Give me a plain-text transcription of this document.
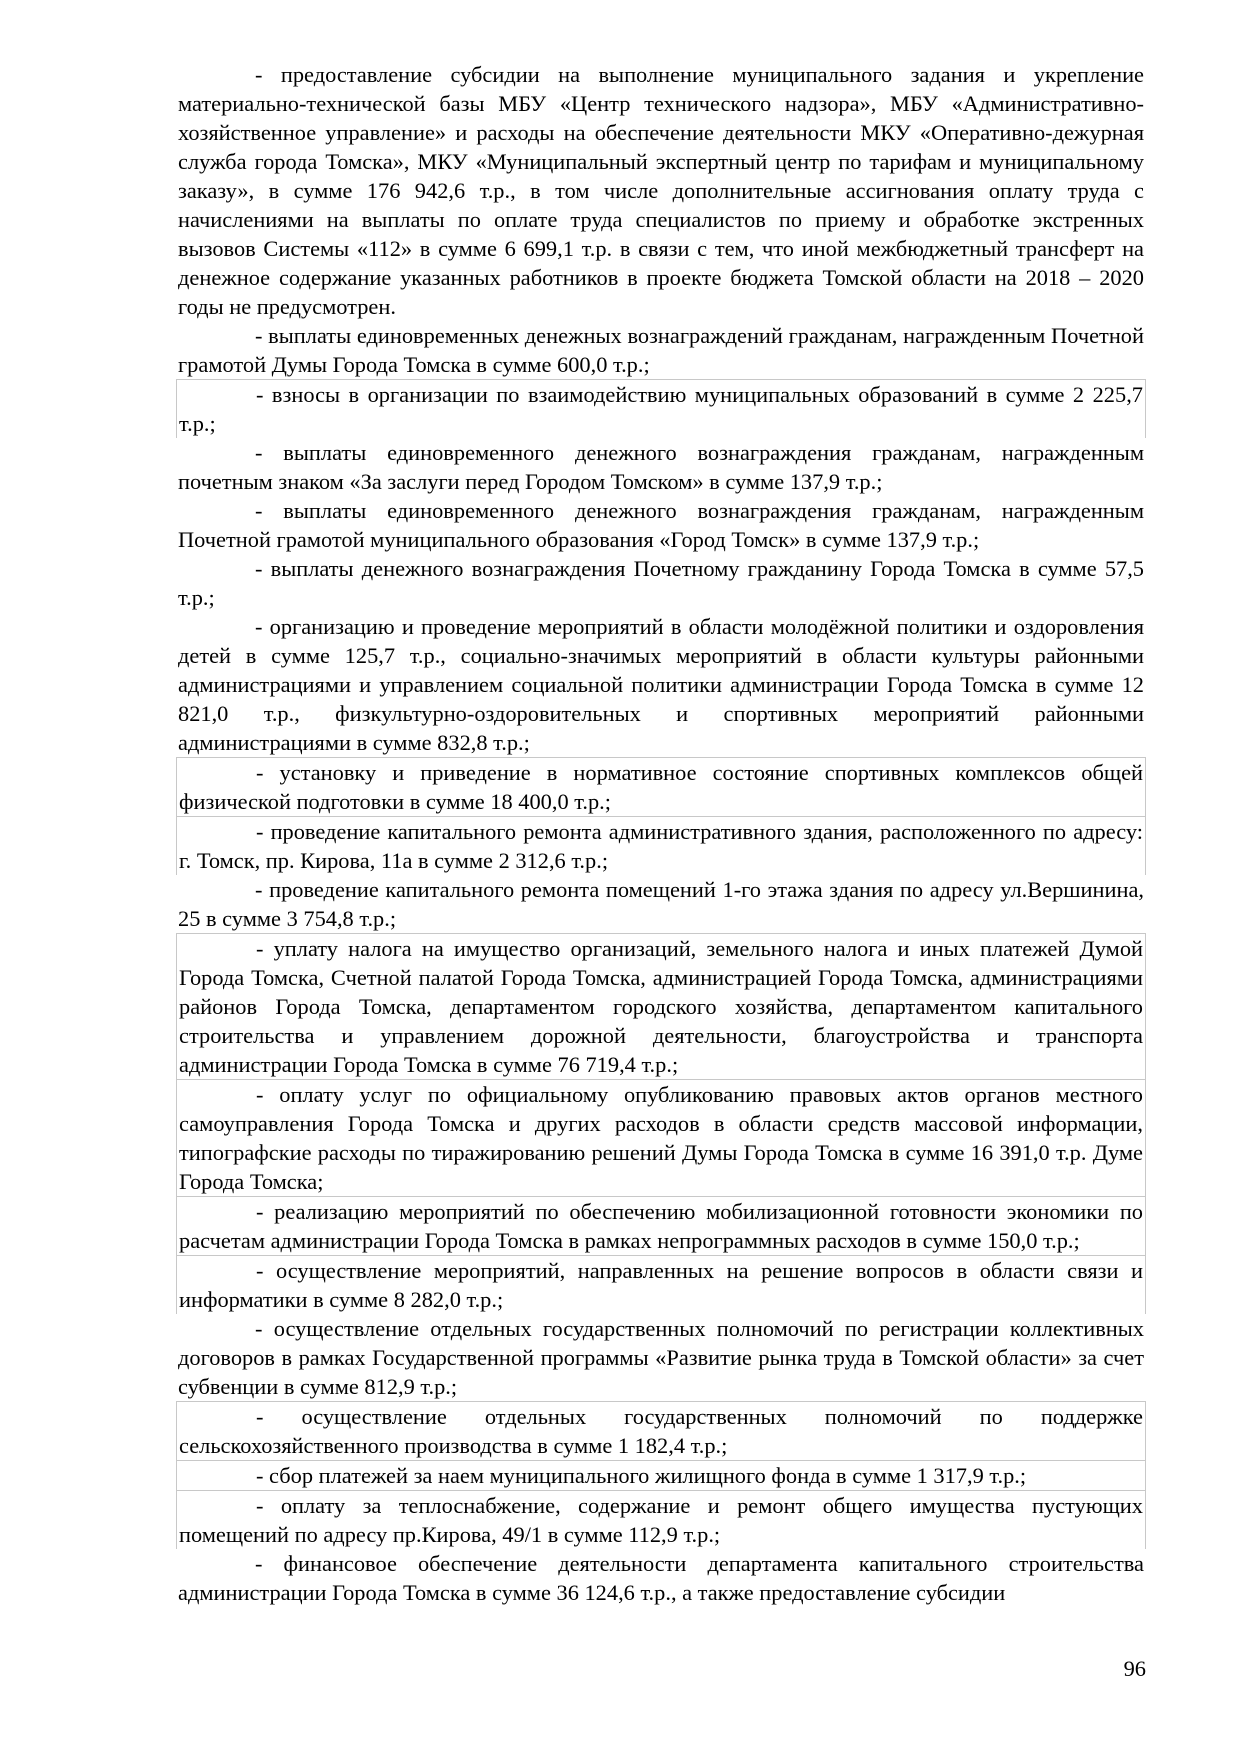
- предоставление субсидии на выполнение муниципального задания и укрепление материально-технической базы МБУ «Центр технического надзора», МБУ «Административно-хозяйственное управление» и расходы на обеспечение деятельности МКУ «Оперативно-дежурная служба города Томска», МКУ «Муниципальный экспертный центр по тарифам и муниципальному заказу», в сумме 176 942,6 т.р., в том числе дополнительные ассигнования оплату труда с начислениями на выплаты по оплате труда специалистов по приему и обработке экстренных вызовов Системы «112» в сумме 6 699,1 т.р. в связи с тем, что иной межбюджетный трансферт на денежное содержание указанных работников в проекте бюджета Томской области на 2018 – 2020 годы не предусмотрен.

- выплаты единовременных денежных вознаграждений гражданам, награжденным Почетной грамотой Думы Города Томска в сумме 600,0 т.р.;

- взносы в организации по взаимодействию муниципальных образований в сумме 2 225,7 т.р.;

- выплаты единовременного денежного вознаграждения гражданам, награжденным почетным знаком «За заслуги перед Городом Томском» в сумме 137,9 т.р.;

- выплаты единовременного денежного вознаграждения гражданам, награжденным Почетной грамотой муниципального образования «Город Томск» в сумме 137,9 т.р.;

- выплаты денежного вознаграждения Почетному гражданину Города Томска в сумме 57,5 т.р.;

- организацию и проведение мероприятий в области молодёжной политики и оздоровления детей в сумме 125,7 т.р., социально-значимых мероприятий в области культуры районными администрациями и управлением социальной политики администрации Города Томска в сумме 12 821,0 т.р., физкультурно-оздоровительных и спортивных мероприятий районными администрациями в сумме 832,8 т.р.;

- установку и приведение в нормативное состояние спортивных комплексов общей физической подготовки в сумме 18 400,0 т.р.;

- проведение капитального ремонта административного здания, расположенного по адресу: г. Томск, пр. Кирова, 11а в сумме 2 312,6 т.р.;

- проведение капитального ремонта помещений 1-го этажа здания по адресу ул.Вершинина, 25 в сумме 3 754,8 т.р.;

- уплату налога на имущество организаций, земельного налога и иных платежей Думой Города Томска, Счетной палатой Города Томска, администрацией Города Томска, администрациями районов Города Томска, департаментом городского хозяйства, департаментом капитального строительства и управлением дорожной деятельности, благоустройства и транспорта администрации Города Томска в сумме 76 719,4 т.р.;

- оплату услуг по официальному опубликованию правовых актов органов местного самоуправления Города Томска и других расходов в области средств массовой информации, типографские расходы по тиражированию решений Думы Города Томска в сумме 16 391,0 т.р. Думе Города Томска;

- реализацию мероприятий по обеспечению мобилизационной готовности экономики по расчетам администрации Города Томска в рамках непрограммных расходов в сумме 150,0 т.р.;

- осуществление мероприятий, направленных на решение вопросов в области связи и информатики в сумме 8 282,0 т.р.;

- осуществление отдельных государственных полномочий по регистрации коллективных договоров в рамках Государственной программы «Развитие рынка труда в Томской области» за счет субвенции в сумме 812,9 т.р.;

- осуществление отдельных государственных полномочий по поддержке сельскохозяйственного производства в сумме 1 182,4 т.р.;

- сбор платежей за наем муниципального жилищного фонда в сумме 1 317,9 т.р.;

- оплату за теплоснабжение, содержание и ремонт общего имущества пустующих помещений по адресу пр.Кирова, 49/1 в сумме 112,9 т.р.;

- финансовое обеспечение деятельности департамента капитального строительства администрации Города Томска в сумме 36 124,6 т.р., а также предоставление субсидии

96
